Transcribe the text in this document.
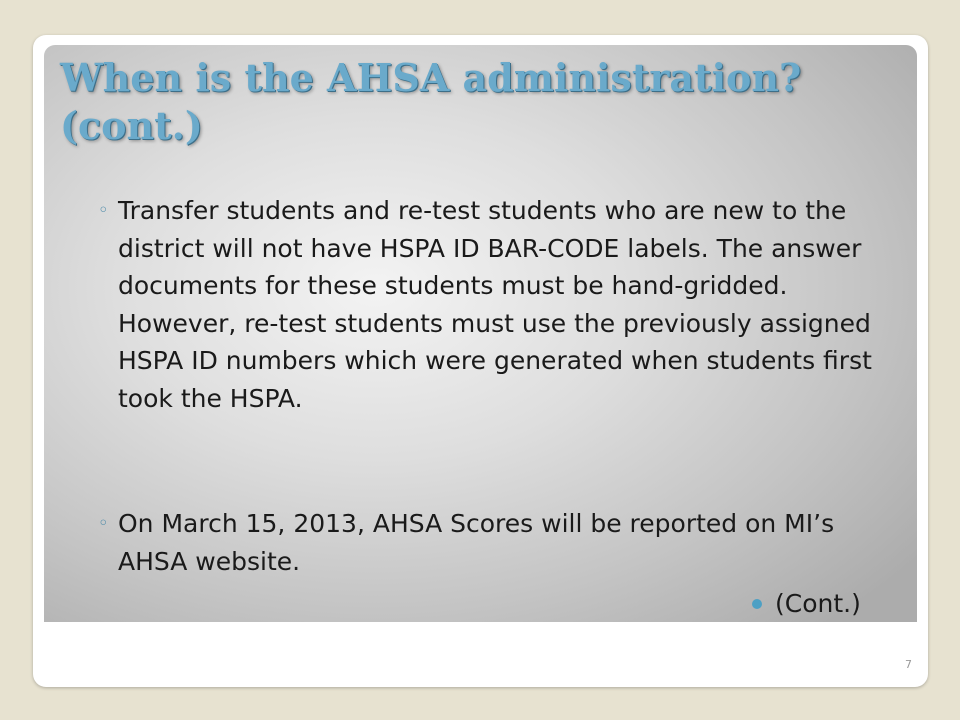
When is the AHSA administration? (cont.)
◦ Transfer students and re-test students who are new to the district will not have HSPA ID BAR-CODE labels. The answer documents for these students must be hand-gridded. However, re-test students must use the previously assigned HSPA ID numbers which were generated when students first took the HSPA.
◦ On March 15, 2013, AHSA Scores will be reported on MI’s AHSA website.
(Cont.)
7
